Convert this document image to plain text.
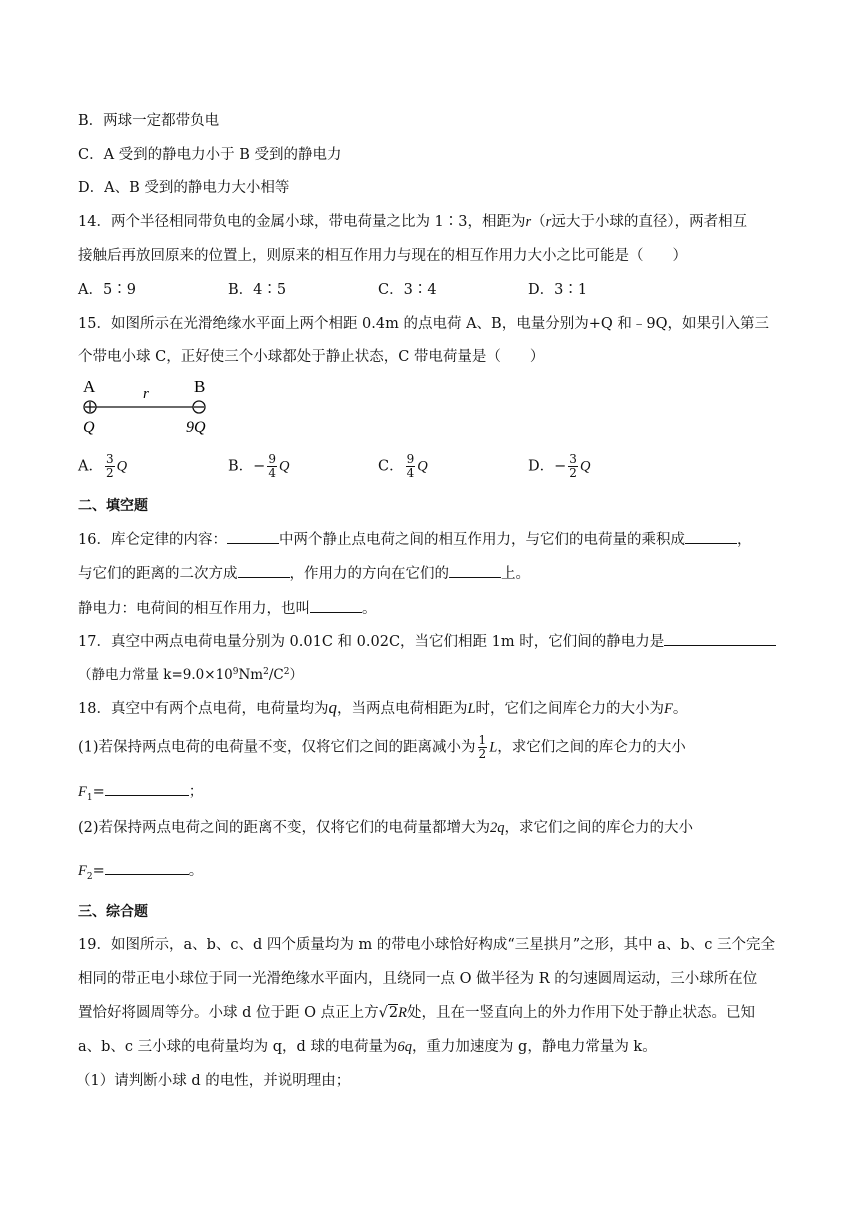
B．两球一定都带负电
C．A 受到的静电力小于 B 受到的静电力
D．A、B 受到的静电力大小相等
14．两个半径相同带负电的金属小球，带电荷量之比为 1∶3，相距为r（r远大于小球的直径），两者相互
接触后再放回原来的位置上，则原来的相互作用力与现在的相互作用力大小之比可能是（　　）
A．5∶9	B．4∶5	C．3∶4	D．3∶1
15．如图所示在光滑绝缘水平面上两个相距 0.4m 的点电荷 A、B，电量分别为+Q 和﹣9Q，如果引入第三
个带电小球 C，正好使三个小球都处于静止状态，C 带电荷量是（　　）
A	B
r
Q	9Q
A． $\frac{3}{2}$ Q	B．− $\frac{9}{4}$ Q	C． $\frac{9}{4}$ Q	D．− $\frac{3}{2}$ Q
二、填空题
16．库仑定律的内容：	中两个静止点电荷之间的相互作用力，与它们的电荷量的乘积成	，
与它们的距离的二次方成	，作用力的方向在它们的	上。
静电力：电荷间的相互作用力，也叫	。
17．真空中两点电荷电量分别为 0.01C 和 0.02C，当它们相距 1m 时，它们间的静电力是
（静电力常量 $k=9.0\times 10^9Nm^2/C^2$）
18．真空中有两个点电荷，电荷量均为q，当两点电荷相距为L时，它们之间库仑力的大小为F。
(1)若保持两点电荷的电荷量不变，仅将它们之间的距离减小为 $\frac{1}{2}$ L，求它们之间的库仑力的大小
$F_1=$	；
(2)若保持两点电荷之间的距离不变，仅将它们的电荷量都增大为2q，求它们之间的库仑力的大小
$F_2=$	。
三、综合题
19．如图所示，a、b、c、d 四个质量均为 m 的带电小球恰好构成“三星拱月”之形，其中 a、b、c 三个完全
相同的带正电小球位于同一光滑绝缘水平面内，且绕同一点 O 做半径为 R 的匀速圆周运动，三小球所在位
置恰好将圆周等分。小球 d 位于距 O 点正上方√2R处，且在一竖直向上的外力作用下处于静止状态。已知
a、b、c 三小球的电荷量均为 q，d 球的电荷量为6q，重力加速度为 g，静电力常量为 k。
（1）请判断小球 d 的电性，并说明理由；
